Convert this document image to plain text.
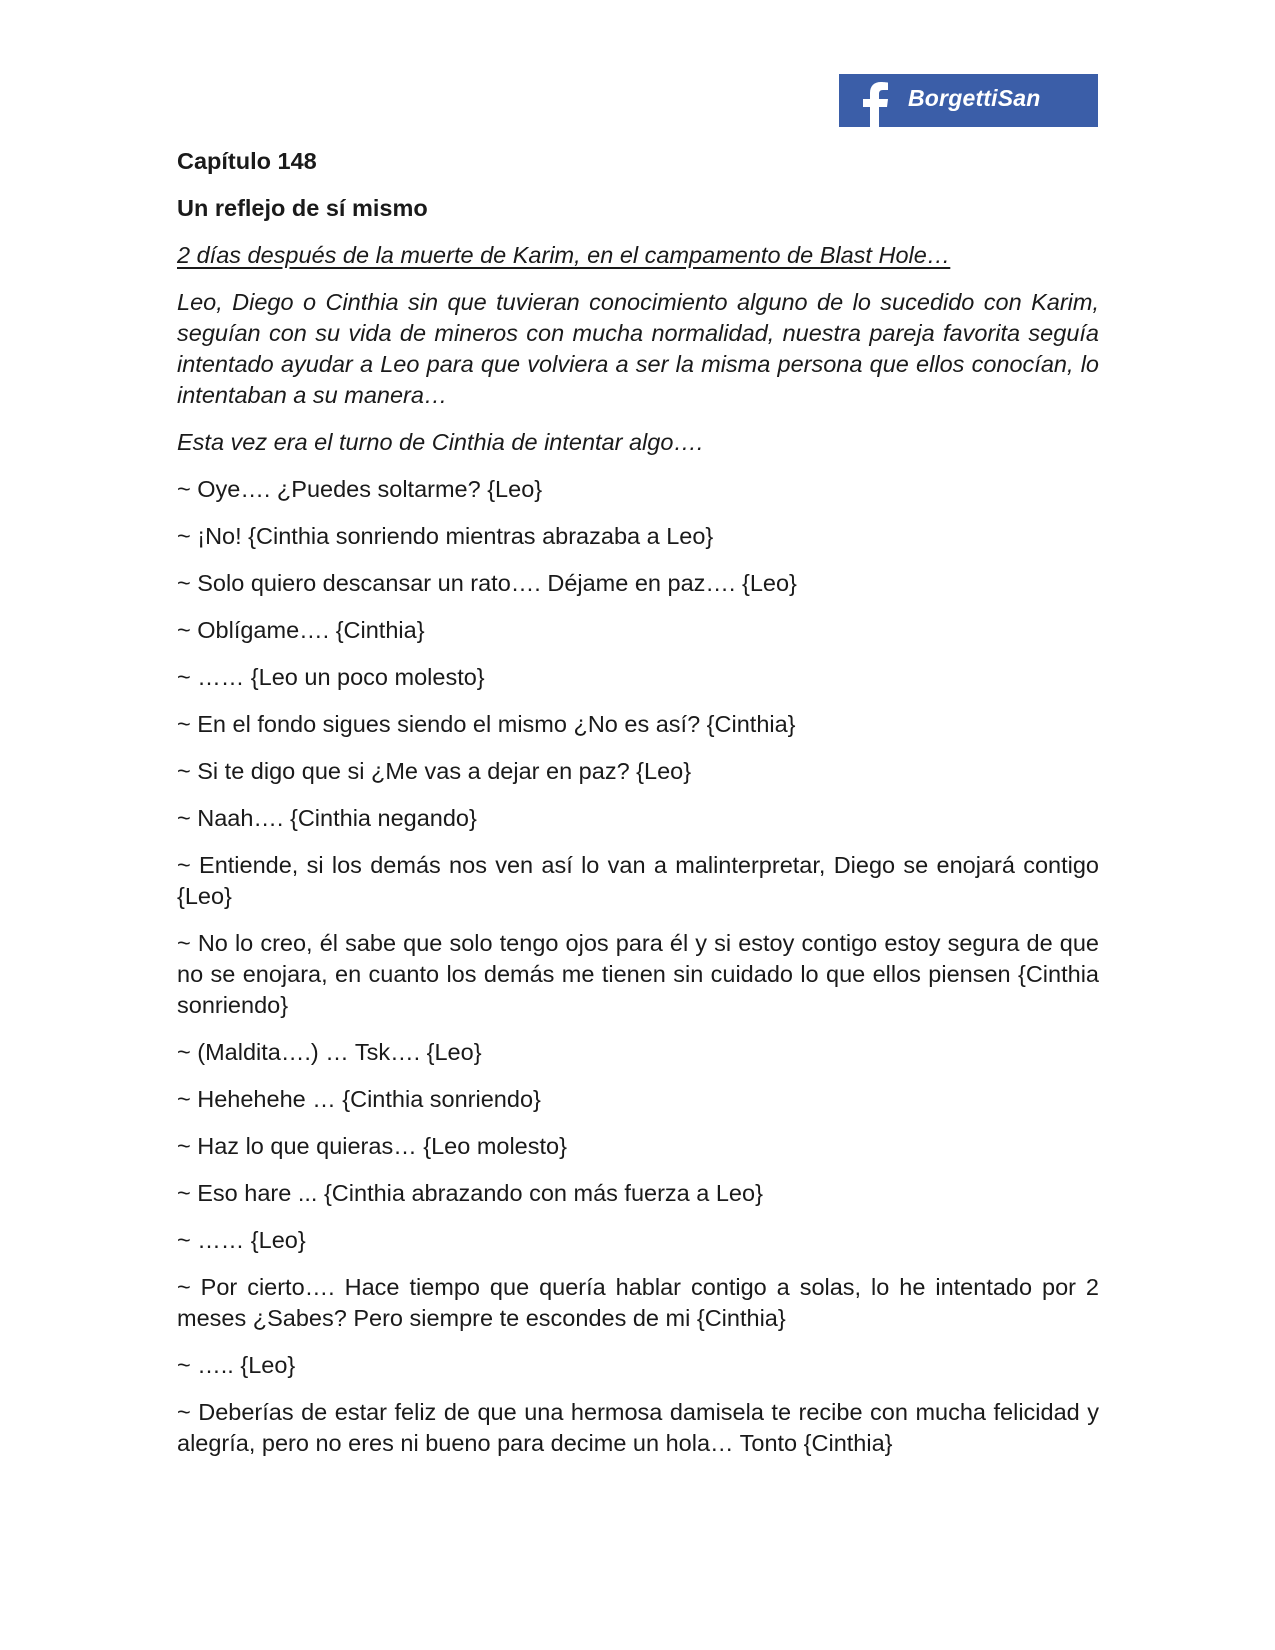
BorgettiSan

Capítulo 148

Un reflejo de sí mismo

2 días después de la muerte de Karim, en el campamento de Blast Hole…

Leo, Diego o Cinthia sin que tuvieran conocimiento alguno de lo sucedido con Karim, seguían con su vida de mineros con mucha normalidad, nuestra pareja favorita seguía intentado ayudar a Leo para que volviera a ser la misma persona que ellos conocían, lo intentaban a su manera…

Esta vez era el turno de Cinthia de intentar algo….

~ Oye…. ¿Puedes soltarme? {Leo}

~ ¡No! {Cinthia sonriendo mientras abrazaba a Leo}

~ Solo quiero descansar un rato…. Déjame en paz…. {Leo}

~ Oblígame…. {Cinthia}

~ …… {Leo un poco molesto}

~ En el fondo sigues siendo el mismo ¿No es así? {Cinthia}

~ Si te digo que si ¿Me vas a dejar en paz? {Leo}

~ Naah…. {Cinthia negando}

~ Entiende, si los demás nos ven así lo van a malinterpretar, Diego se enojará contigo {Leo}

~ No lo creo, él sabe que solo tengo ojos para él y si estoy contigo estoy segura de que no se enojara, en cuanto los demás me tienen sin cuidado lo que ellos piensen {Cinthia sonriendo}

~ (Maldita….) … Tsk…. {Leo}

~ Hehehehe … {Cinthia sonriendo}

~ Haz lo que quieras… {Leo molesto}

~ Eso hare ... {Cinthia abrazando con más fuerza a Leo}

~ …… {Leo}

~ Por cierto…. Hace tiempo que quería hablar contigo a solas, lo he intentado por 2 meses ¿Sabes? Pero siempre te escondes de mi {Cinthia}

~ ….. {Leo}

~ Deberías de estar feliz de que una hermosa damisela te recibe con mucha felicidad y alegría, pero no eres ni bueno para decime un hola… Tonto {Cinthia}
